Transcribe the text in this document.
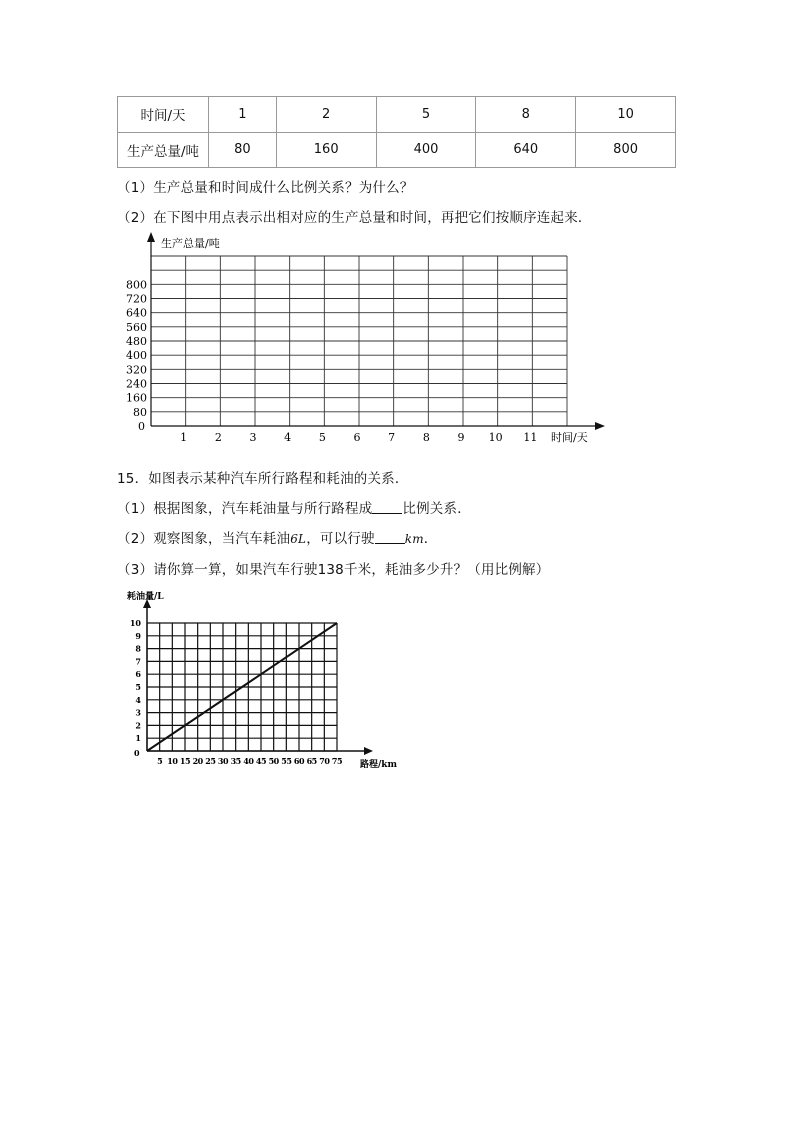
时间/天	1	2	5	8	10
生产总量/吨	80	160	400	640	800
（1）生产总量和时间成什么比例关系？为什么？
（2）在下图中用点表示出相对应的生产总量和时间，再把它们按顺序连起来．
80
160
240
320
400
480
560
640
720
800
1	2	3	4	5	6	7	8	9 10 11
生产总量/吨
时间/天
0
15．如图表示某种汽车所行路程和耗油的关系．
（1）根据图象，汽车耗油量与所行路程成 比例关系．
（2）观察图象，当汽车耗油6L，可以行驶	km．
（3）请你算一算，如果汽车行驶138千米，耗油多少升？（用比例解）
1
2
3
4
5
6
7
8
9
10
5 10 15 20 25 30 35 40 45 50 55 60 65 70 75
耗油量/L
路程/km
0
